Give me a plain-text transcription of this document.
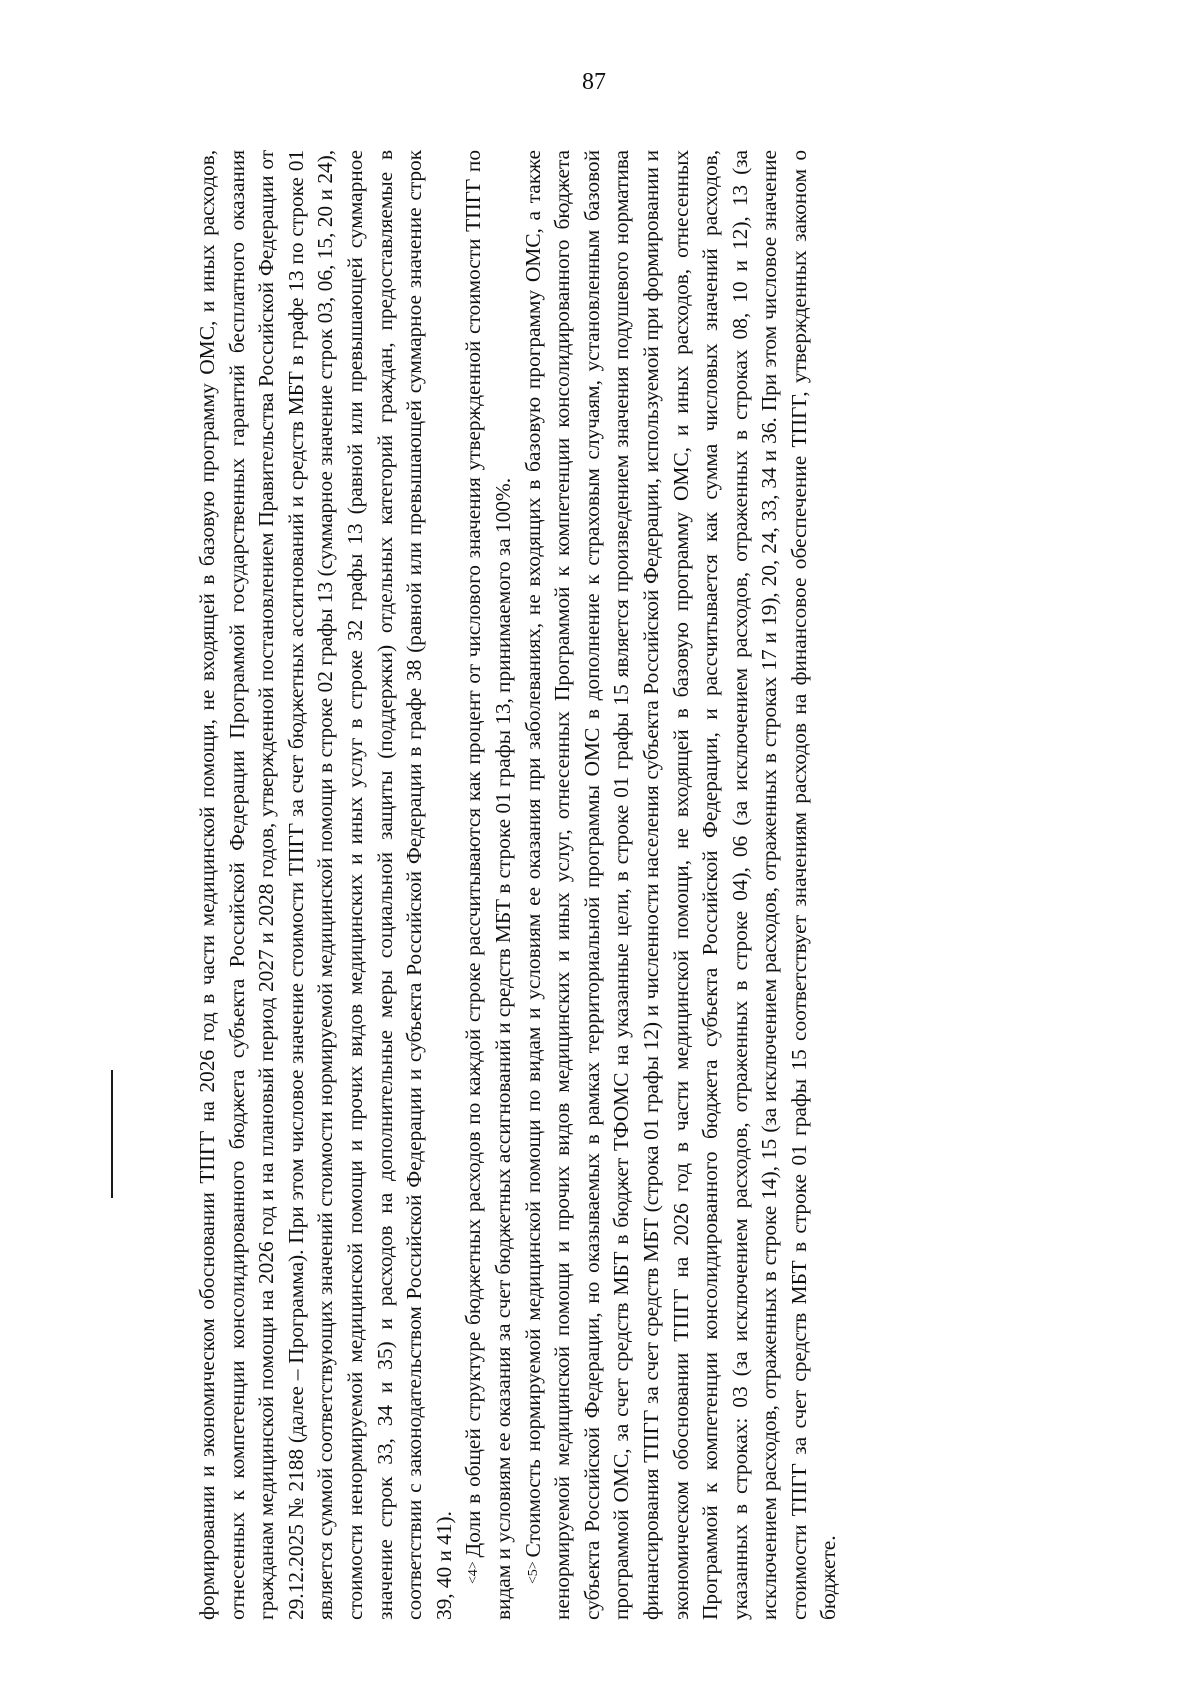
87

формировании и экономическом обосновании ТПГГ на 2026 год в части медицинской помощи, не входящей в базовую программу ОМС, и иных расходов, отнесенных к компетенции консолидированного бюджета субъекта Российской Федерации Программой государственных гарантий бесплатного оказания гражданам медицинской помощи на 2026 год и на плановый период 2027 и 2028 годов, утвержденной постановлением Правительства Российской Федерации от 29.12.2025 № 2188 (далее – Программа). При этом числовое значение стоимости ТПГГ за счет бюджетных ассигнований и средств МБТ в графе 13 по строке 01 является суммой соответствующих значений стоимости нормируемой медицинской помощи в строке 02 графы 13 (суммарное значение строк 03, 06, 15, 20 и 24), стоимости ненормируемой медицинской помощи и прочих видов медицинских и иных услуг в строке 32 графы 13 (равной или превышающей суммарное значение строк 33, 34 и 35) и расходов на дополнительные меры социальной защиты (поддержки) отдельных категорий граждан, предоставляемые в соответствии с законодательством Российской Федерации и субъекта Российской Федерации в графе 38 (равной или превышающей суммарное значение строк 39, 40 и 41). <4>Доли в общей структуре бюджетных расходов по каждой строке рассчитываются как процент от числового значения утвержденной стоимости ТПГГ по видам и условиям ее оказания за счет бюджетных ассигнований и средств МБТ в строке 01 графы 13, принимаемого за 100%. <5>Стоимость нормируемой медицинской помощи по видам и условиям ее оказания при заболеваниях, не входящих в базовую программу ОМС, а также ненормируемой медицинской помощи и прочих видов медицинских и иных услуг, отнесенных Программой к компетенции консолидированного бюджета субъекта Российской Федерации, но оказываемых в рамках территориальной программы ОМС в дополнение к страховым случаям, установленным базовой программой ОМС, за счет средств МБТ в бюджет ТФОМС на указанные цели, в строке 01 графы 15 является произведением значения подушевого норматива финансирования ТПГГ за счет средств МБТ (строка 01 графы 12) и численности населения субъекта Российской Федерации, используемой при формировании и экономическом обосновании ТПГГ на 2026 год в части медицинской помощи, не входящей в базовую программу ОМС, и иных расходов, отнесенных Программой к компетенции консолидированного бюджета субъекта Российской Федерации, и рассчитывается как сумма числовых значений расходов, указанных в строках: 03 (за исключением расходов, отраженных в строке 04), 06 (за исключением расходов, отраженных в строках 08, 10 и 12), 13 (за исключением расходов, отраженных в строке 14), 15 (за исключением расходов, отраженных в строках 17 и 19), 20, 24, 33, 34 и 36. При этом числовое значение стоимости ТПГГ за счет средств МБТ в строке 01 графы 15 соответствует значениям расходов на финансовое обеспечение ТПГГ, утвержденных законом о бюджете.
